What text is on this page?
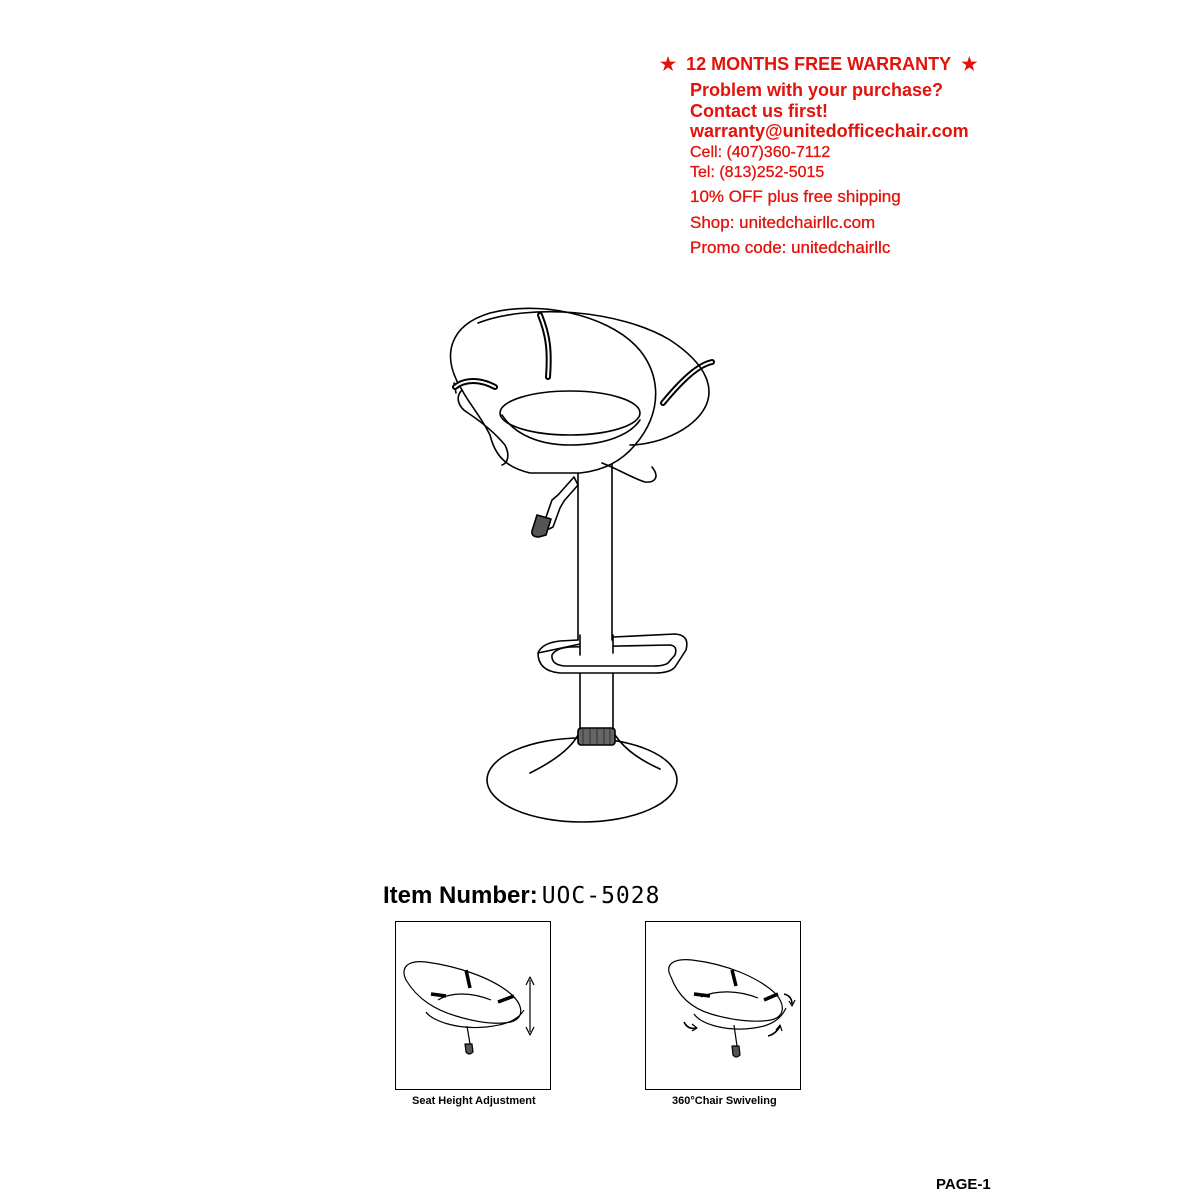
★ 12 MONTHS FREE WARRANTY ★
Problem with your purchase?
Contact us first!
warranty@unitedofficechair.com
Cell: (407)360-7112
Tel: (813)252-5015
10% OFF plus free shipping
Shop: unitedchairllc.com
Promo code: unitedchairllc
Item Number: UOC-5028
Seat Height Adjustment	360°Chair Swiveling
PAGE-1
